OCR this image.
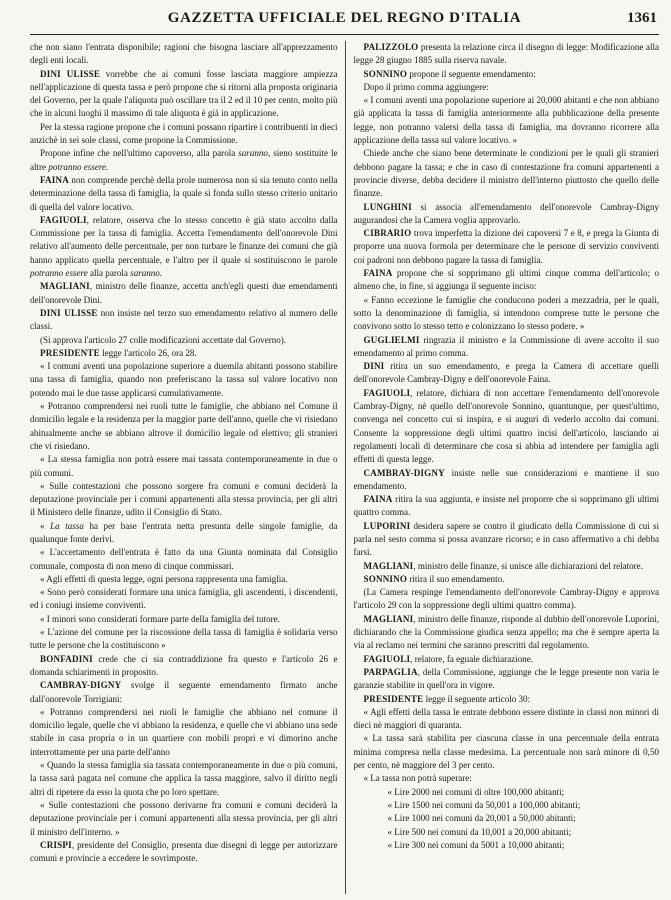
GAZZETTA UFFICIALE DEL REGNO D'ITALIA	1361

che non siano l'entrata disponibile; ragioni che bisogna lasciare all'apprezzamento degli enti locali.

DINI ULISSE vorrebbe che ai comuni fosse lasciata maggiore ampiezza nell'applicazione di questa tassa e però propone che si ritorni alla proposta originaria del Governo, per la quale l'aliquota può oscillare tra il 2 ed il 10 per cento, molto più che in alcuni luoghi il massimo di tale aliquota è già in applicazione.

Per la stessa ragione propone che i comuni possano ripartire i contribuenti in dieci anzichè in sei sole classi, come propone la Commissione.

Propone infine che nell'ultimo capoverso, alla parola saranno, sieno sostituite le altre potranno essere.

FAINA non comprende perchè della prole numerosa non si sia tenuto conto nella determinazione della tassa di famiglia, la quale si fonda sullo stesso criterio unitario di quella del valore locativo.

FAGIUOLI, relatore, osserva che lo stesso concetto è già stato accolto dalla Commissione per la tassa di famiglia. Accetta l'emendamento dell'onorevole Dini relativo all'aumento delle percentuale, per non turbare le finanze dei comuni che già hanno applicato quella percentuale, e l'altro per il quale si sostituiscono le parole potranno essere alla parola saranno.

MAGLIANI, ministro delle finanze, accetta anch'egli questi due emendamenti dell'onorevole Dini.

DINI ULISSE non insiste nel terzo suo emendamento relativo al numero delle classi.

(Si approva l'articolo 27 colle modificazioni accettate dal Governo).

PRESIDENTE legge l'articolo 26, ora 28.

« I comuni aventi una popolazione superiore a duemila abitanti possono stabilire una tassa di famiglia, quando non preferiscano la tassa sul valore locativo non potendo mai le due tasse applicarsi cumulativamente.

« Potranno comprendersi nei ruoli tutte le famiglie, che abbiano nel Comune il domicilio legale e la residenza per la maggior parte dell'anno, quelle che vi risiedano abitualmente anche se abbiano altrove il domicilio legale od elettivo; gli stranieri che vi risiedano.

« La stessa famiglia non potrà essere mai tassata contemporaneamente in due o più comuni.

« Sulle contestazioni che possono sorgere fra comuni e comuni deciderà la deputazione provinciale per i comuni appartenenti alla stessa provincia, per gli altri il Ministero delle finanze, udito il Consiglio di Stato.

« La tassa ha per base l'entrata netta presunta delle singole famiglie, da qualunque fonte derivi.

« L'accertamento dell'entrata è fatto da una Giunta nominata dal Consiglio comunale, composta di non meno di cinque commissari.

« Agli effetti di questa legge, ogni persona rappresenta una famiglia.

« Sono però considerati formare una unica famiglia, gli ascendenti, i discendenti, ed i coniugi insieme conviventi.

« I minori sono considerati formare parte della famiglia del tutore.

« L'azione del comune per la riscossione della tassa di famiglia è solidaria verso tutte le persone che la costituiscono »

BONFADINI crede che ci sia contraddizione fra questo e l'articolo 26 e domanda schiarimenti in proposito.

CAMBRAY-DIGNY svolge il seguente emendamento firmato anche dall'onorevole Torrigiani:

« Potranno comprendersi nei ruoli le famiglie che abbiano nel comune il domicilio legale, quelle che vi abbiano la residenza, e quelle che vi abbiano una sede stabile in casa propria o in un quartiere con mobili propri e vi dimorino anche interrottamente per una parte dell'anno

« Quando la stessa famiglia sia tassata contemporaneamente in due o più comuni, la tassa sarà pagata nel comune che applica la tassa maggiore, salvo il diritto negli altri di ripetere da esso la quota che po loro spettare.

« Sulle contestazioni che possono derivarne fra comuni e comuni deciderà la deputazione provinciale per i comuni appartenenti alla stessa provincia, per gli altri il ministro dell'interno. »

CRISPI, presidente del Consiglio, presenta due disegni di legge per autorizzare comuni e provincie a eccedere le sovrimposte.

PALIZZOLO presenta la relazione circa il disegno di legge: Modificazione alla legge 28 giugno 1885 sulla riserva navale.

SONNINO propone il seguente emendamento:

Dopo il primo comma aggiungere:

« I comuni aventi una popolazione superiore ai 20,000 abitanti e che non abbiano già applicata la tassa di famiglia anteriormente alla pubblicazione della presente legge, non potranno valersi della tassa di famiglia, ma dovranno ricorrere alla applicazione della tassa sul valore locativo. »

Chiede anche che siano bene determinate le condizioni per le quali gli stranieri debbono pagare la tassa; e che in caso di contestazione fra comuni appartenenti a provincie diverse, debba decidere il ministro dell'interno piuttosto che quello delle finanze.

LUNGHINI si associa all'emendamento dell'onorevole Cambray-Digny augurandosi che la Camera voglia approvarlo.

CIBRARIO trova imperfetta la dizione dei capoversi 7 e 8, e prega la Giunta di proporre una nuova formola per determinare che le persone di servizio conviventi coi padroni non debbono pagare la tassa di famiglia.

FAINA propone che si sopprimano gli ultimi cinque comma dell'articolo; o almeno che, in fine, si aggiunga il seguente inciso:

« Fanno eccezione le famiglie che conducono poderi a mezzadria, per le quali, sotto la denominazione di famiglia, si intendono comprese tutte le persone che convivono sotto lo stesso tetto e colonizzano lo stesso podere. »

GUGLIELMI ringrazia il ministro e la Commissione di avere accolto il suo emendamento al primo comma.

DINI ritira un suo emendamento, e prega la Camera di accettare quelli dell'onorevole Cambray-Digny e dell'onorevole Faina.

FAGIUOLI, relatore, dichiara di non accettare l'emendamento dell'onorevole Cambray-Digny, nè quello dell'onorevole Sonnino, quantunque, per quest'ultimo, convenga nel concetto cui si inspira, e si auguri di vederlo accolto dai comuni. Consente la soppressione degli ultimi quattro incisi dell'articolo, lasciando ai regolamenti locali di determinare che cosa si abbia ad intendere per famiglia agli effetti di questa legge.

CAMBRAY-DIGNY insiste nelle sue considerazioni e mantiene il suo emendamento.

FAINA ritira la sua aggiunta, e insiste nel proporre che si sopprimano gli ultimi quattro comma.

LUPORINI desidera sapere se contro il giudicato della Commissione di cui si parla nel sesto comma si possa avanzare ricorso; e in caso affermativo a chi debba farsi.

MAGLIANI, ministro delle finanze, si unisce alle dichiarazioni del relatore.

SONNINO ritira il suo emendamento.

(La Camera respinge l'emendamento dell'onorevole Cambray-Digny e approva l'articolo 29 con la soppressione degli ultimi quattro comma).

MAGLIANI, ministro delle finanze, risponde al dubbio dell'onorevole Luporini, dichiarando che la Commissione giudica senza appello; ma che è sempre aperta la via al reclamo nei termini che saranno prescritti dal regolamento.

FAGIUOLI, relatore, fa eguale dichiarazione.

PARPAGLIA, della Commissione, aggiunge che le legge presente non varia le garanzie stabilite in quell'ora in vigore.

PRESIDENTE legge il seguente articolo 30:

« Agli effetti della tassa le entrate debbono essere distinte in classi non minori di dieci nè maggiori di quaranta.

« La tassa sarà stabilita per ciascuna classe in una percentuale della entrata minima compresa nella classe medesima. La percentuale non sarà minore di 0,50 per cento, nè maggiore del 3 per cento.

« La tassa non potrà superare:

« Lire 2000 nei comuni di oltre 100,000 abitanti;

« Lire 1500 nei comuni da 50,001 a 100,000 abitanti;

« Lire 1000 nei comuni da 20,001 a 50,000 abitanti;

« Lire 500 nei comuni da 10,001 a 20,000 abitanti;

« Lire 300 nei comuni da 5001 a 10,000 abitanti;
